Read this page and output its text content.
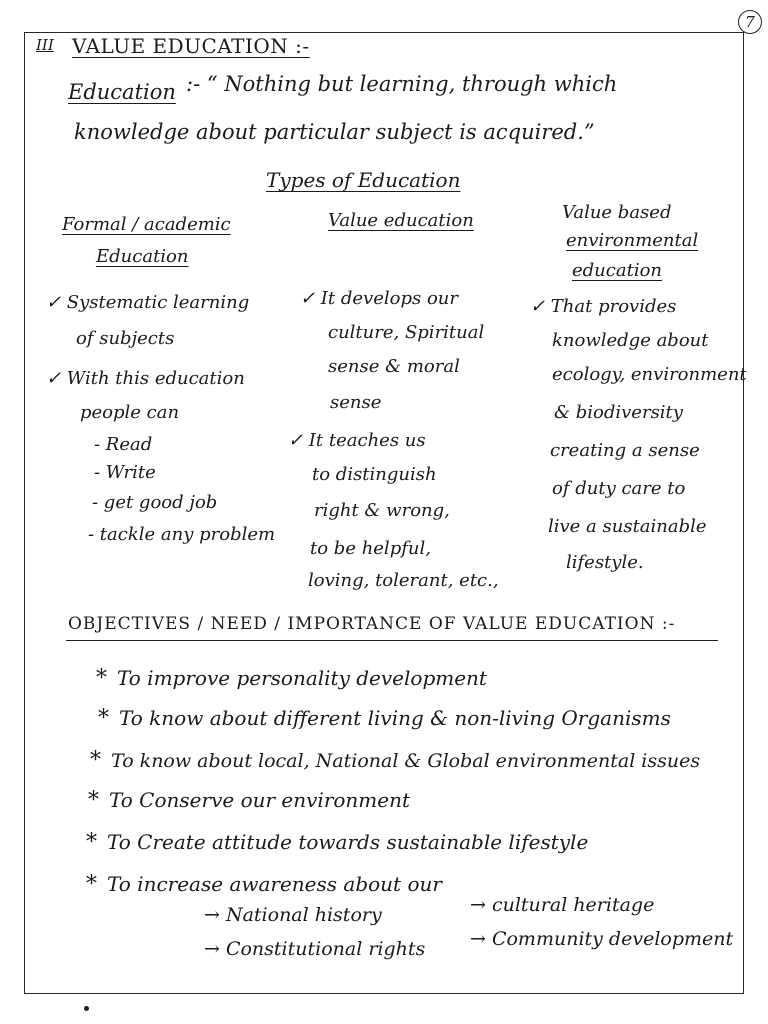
7
III VALUE EDUCATION :-
Education :- “ Nothing but learning, through which
knowledge about particular subject is acquired.”
Types of Education
Formal / academic
Education
✓ Systematic learning
of subjects
✓ With this education
people can
- Read
- Write
- get good job
- tackle any problem
Value education
✓ It develops our
culture, Spiritual
sense & moral
sense
✓ It teaches us
to distinguish
right & wrong,
to be helpful,
loving, tolerant, etc.,
Value based
environmental
education
✓ That provides
knowledge about
ecology, environment
& biodiversity
creating a sense
of duty care to
live a sustainable
lifestyle.
OBJECTIVES / NEED / IMPORTANCE OF VALUE EDUCATION :-
* To improve personality development
* To know about different living & non-living Organisms
* To know about local, National & Global environmental issues
* To Conserve our environment
* To Create attitude towards sustainable lifestyle
* To increase awareness about our
→ National history	→ cultural heritage
→ Constitutional rights → Community development
